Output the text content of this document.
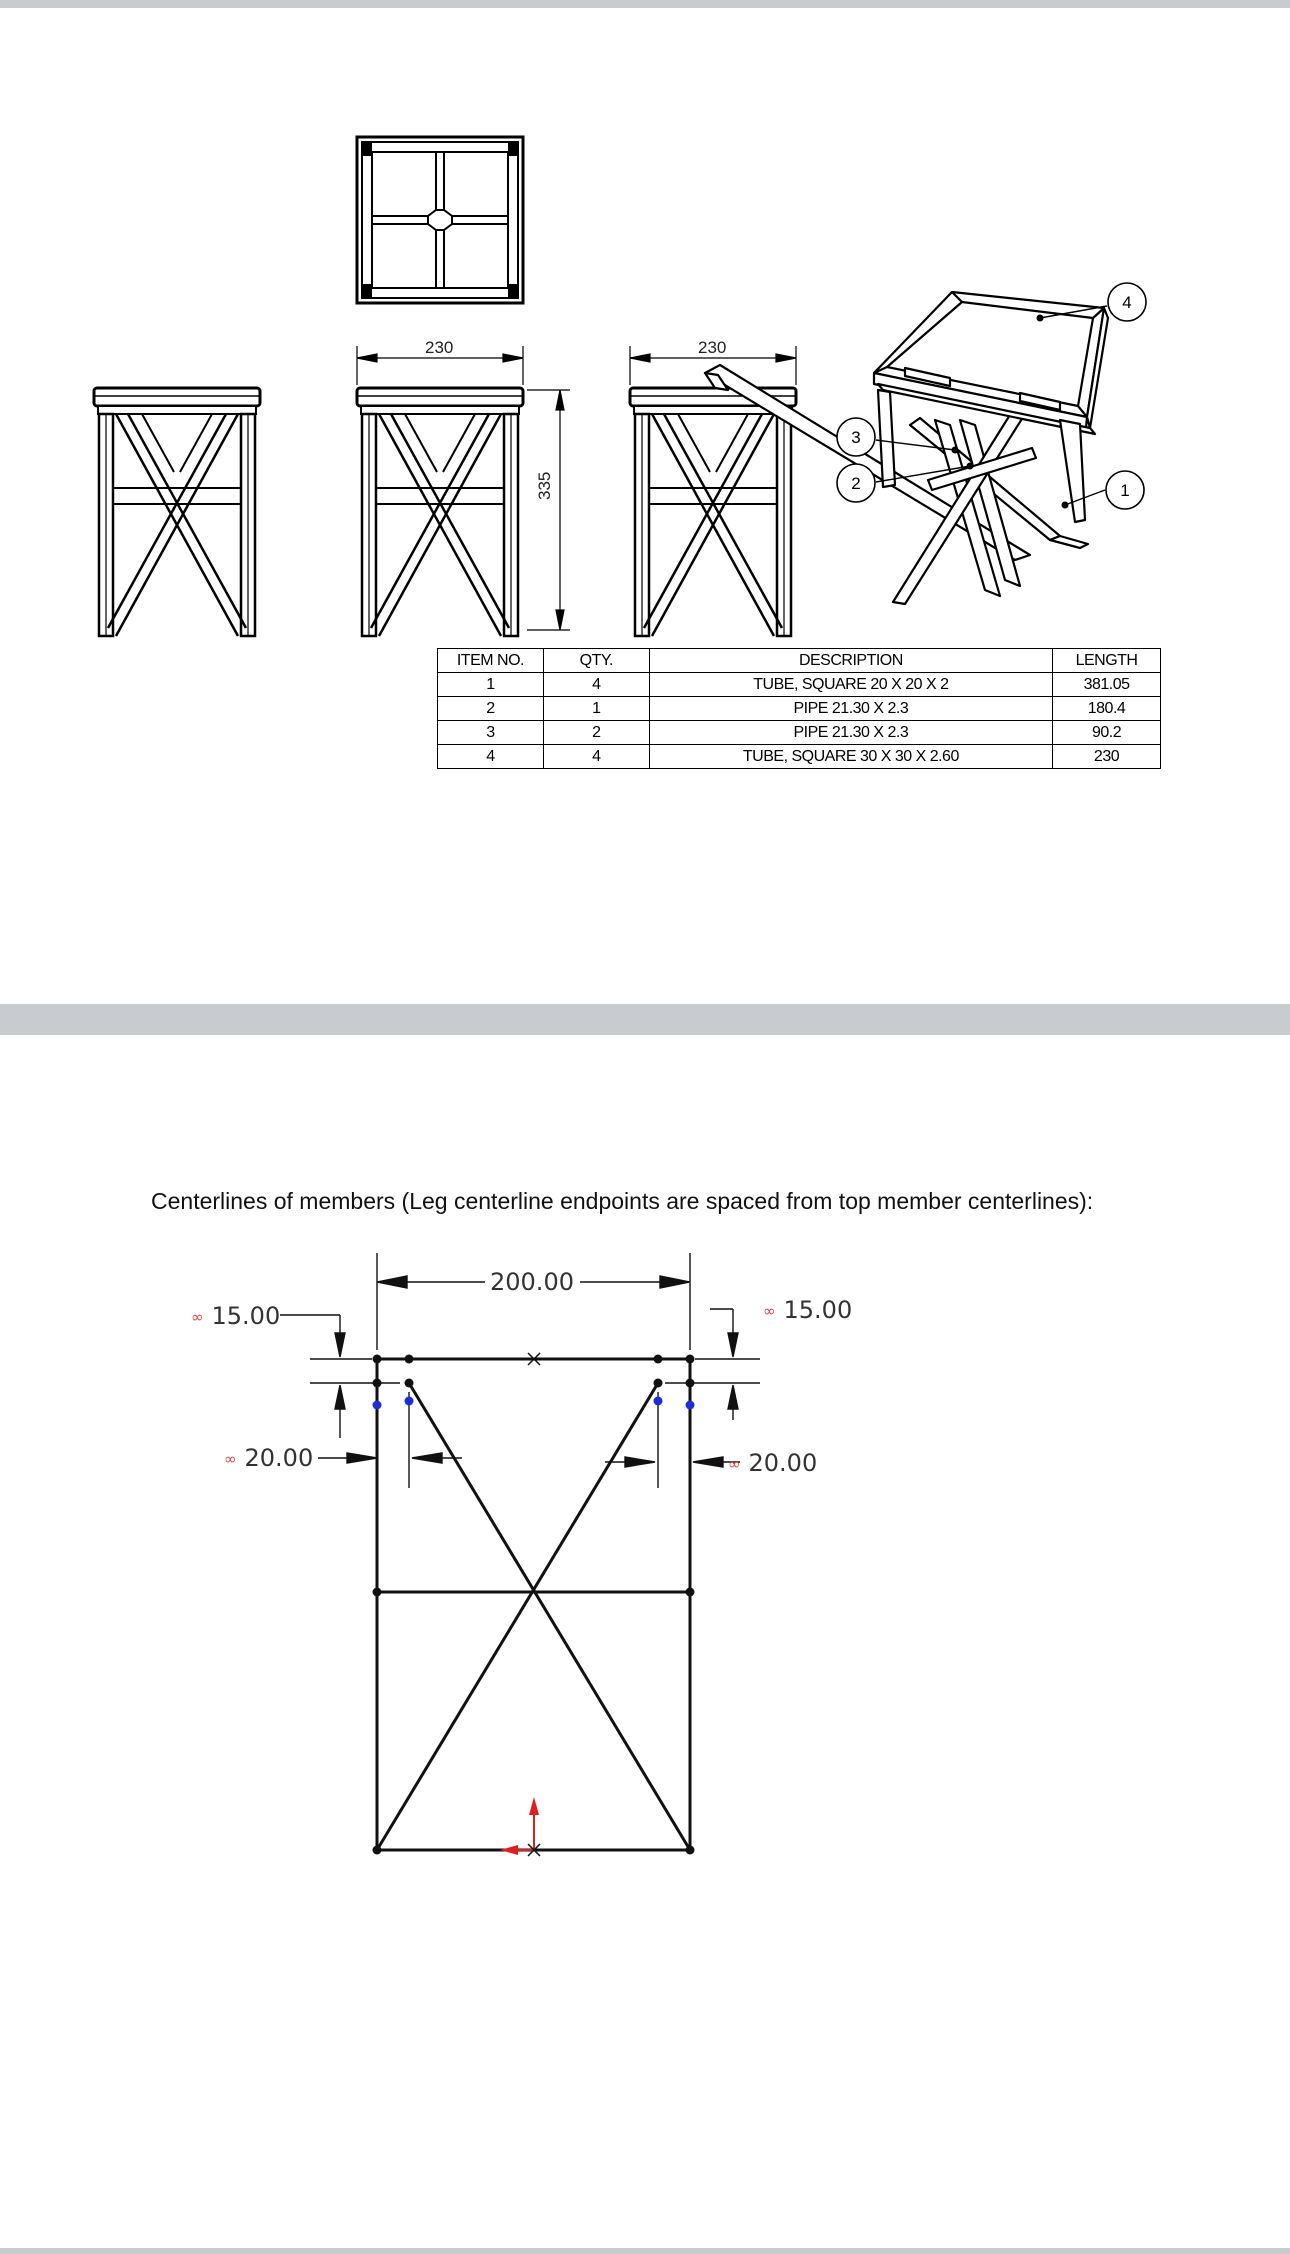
4
3
2	1
230	230
335
ITEM NO.	QTY.	DESCRIPTION	LENGTH
1	4	TUBE, SQUARE 20 X 20 X 2	381.05
2	1	PIPE 21.30 X 2.3	180.4
3	2	PIPE 21.30 X 2.3	90.2
4	4	TUBE, SQUARE 30 X 30 X 2.60	230
Centerlines of members (Leg centerline endpoints are spaced from top member centerlines):
200.00
∞ 15.00	∞ 15.00
∞ 20.00	∞ 20.00
